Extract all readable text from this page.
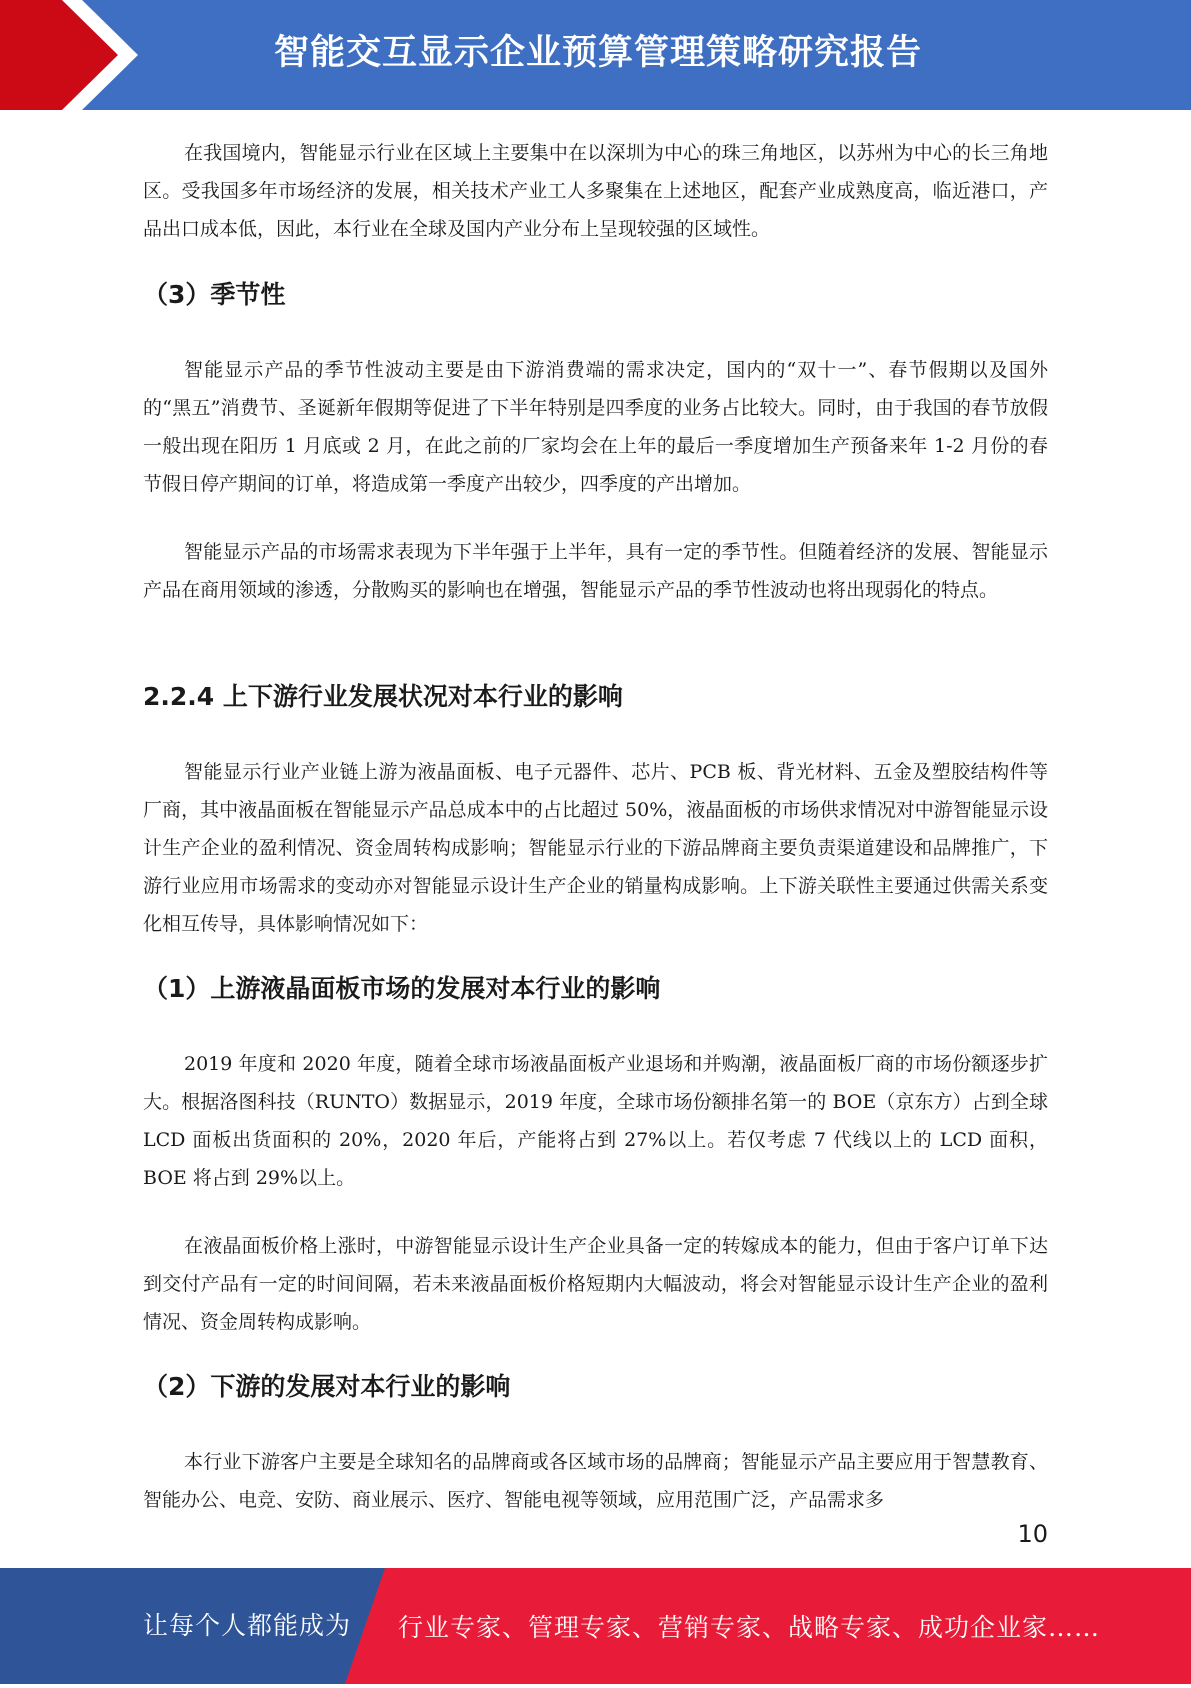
智能交互显示企业预算管理策略研究报告

在我国境内，智能显示行业在区域上主要集中在以深圳为中心的珠三角地区，以苏州为中心的长三角地区。受我国多年市场经济的发展，相关技术产业工人多聚集在上述地区，配套产业成熟度高，临近港口，产品出口成本低，因此，本行业在全球及国内产业分布上呈现较强的区域性。

（3）季节性

智能显示产品的季节性波动主要是由下游消费端的需求决定，国内的“双十一”、春节假期以及国外的“黑五”消费节、圣诞新年假期等促进了下半年特别是四季度的业务占比较大。同时，由于我国的春节放假一般出现在阳历 1 月底或 2 月，在此之前的厂家均会在上年的最后一季度增加生产预备来年 1-2 月份的春节假日停产期间的订单，将造成第一季度产出较少，四季度的产出增加。

智能显示产品的市场需求表现为下半年强于上半年，具有一定的季节性。但随着经济的发展、智能显示产品在商用领域的渗透，分散购买的影响也在增强，智能显示产品的季节性波动也将出现弱化的特点。

2.2.4 上下游行业发展状况对本行业的影响

智能显示行业产业链上游为液晶面板、电子元器件、芯片、PCB 板、背光材料、五金及塑胶结构件等厂商，其中液晶面板在智能显示产品总成本中的占比超过 50%，液晶面板的市场供求情况对中游智能显示设计生产企业的盈利情况、资金周转构成影响；智能显示行业的下游品牌商主要负责渠道建设和品牌推广，下游行业应用市场需求的变动亦对智能显示设计生产企业的销量构成影响。上下游关联性主要通过供需关系变化相互传导，具体影响情况如下：

（1）上游液晶面板市场的发展对本行业的影响

2019 年度和 2020 年度，随着全球市场液晶面板产业退场和并购潮，液晶面板厂商的市场份额逐步扩大。根据洛图科技（RUNTO）数据显示，2019 年度，全球市场份额排名第一的 BOE（京东方）占到全球 LCD 面板出货面积的 20%，2020 年后，产能将占到 27%以上。若仅考虑 7 代线以上的 LCD 面积，BOE 将占到 29%以上。

在液晶面板价格上涨时，中游智能显示设计生产企业具备一定的转嫁成本的能力，但由于客户订单下达到交付产品有一定的时间间隔，若未来液晶面板价格短期内大幅波动，将会对智能显示设计生产企业的盈利情况、资金周转构成影响。

（2）下游的发展对本行业的影响

本行业下游客户主要是全球知名的品牌商或各区域市场的品牌商；智能显示产品主要应用于智慧教育、智能办公、电竞、安防、商业展示、医疗、智能电视等领域，应用范围广泛，产品需求多

10
让每个人都能成为 行业专家、管理专家、营销专家、战略专家、成功企业家……
